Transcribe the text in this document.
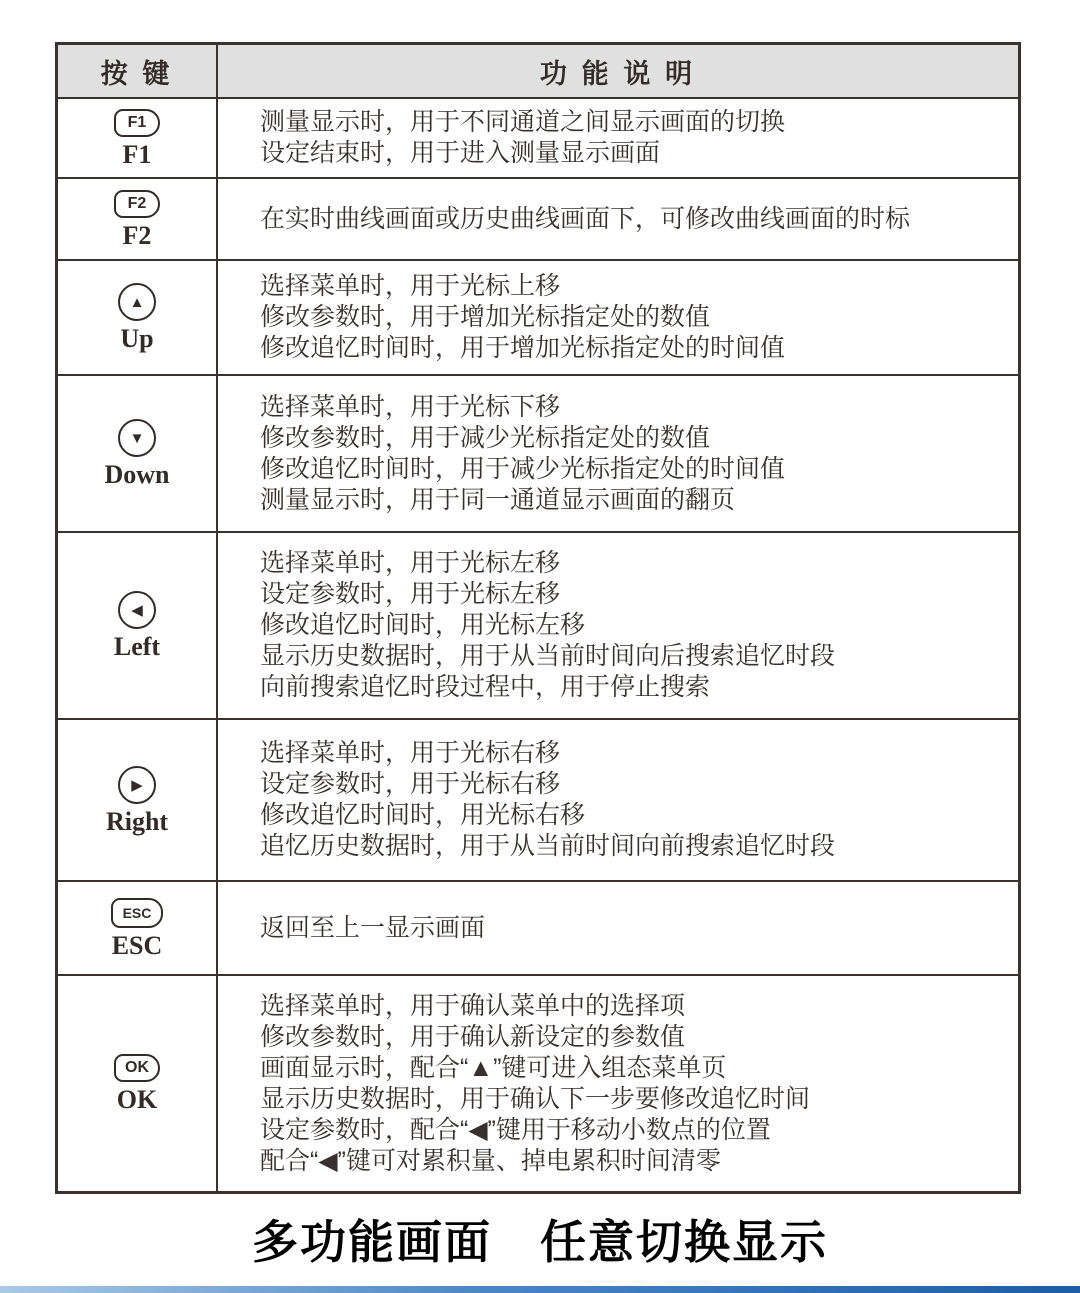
按 键	功 能 说 明
F1
F1
测量显示时，用于不同通道之间显示画面的切换
设定结束时，用于进入测量显示画面
F2
F2
在实时曲线画面或历史曲线画面下，可修改曲线画面的时标
▲
Up
选择菜单时，用于光标上移
修改参数时，用于增加光标指定处的数值
修改追忆时间时，用于增加光标指定处的时间值
▼
Down
选择菜单时，用于光标下移
修改参数时，用于减少光标指定处的数值
修改追忆时间时，用于减少光标指定处的时间值
测量显示时，用于同一通道显示画面的翻页
◀
Left
选择菜单时，用于光标左移
设定参数时，用于光标左移
修改追忆时间时，用光标左移
显示历史数据时，用于从当前时间向后搜索追忆时段
向前搜索追忆时段过程中，用于停止搜索
▶
Right
选择菜单时，用于光标右移
设定参数时，用于光标右移
修改追忆时间时，用光标右移
追忆历史数据时，用于从当前时间向前搜索追忆时段
ESC
ESC
返回至上一显示画面
OK
OK
选择菜单时，用于确认菜单中的选择项
修改参数时，用于确认新设定的参数值
画面显示时，配合“▲”键可进入组态菜单页
显示历史数据时，用于确认下一步要修改追忆时间
设定参数时，配合“◀”键用于移动小数点的位置
配合“◀”键可对累积量、掉电累积时间清零
多功能画面　任意切换显示
